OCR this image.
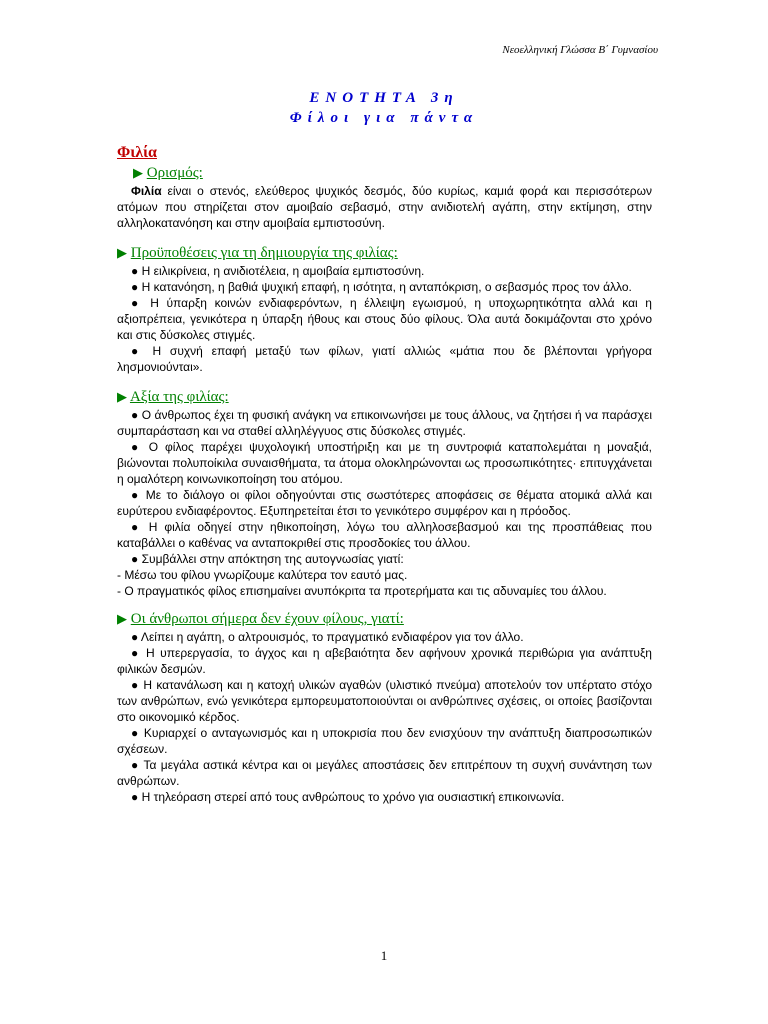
Νεοελληνική Γλώσσα Β΄ Γυμνασίου
ΕΝΟΤΗΤΑ 3η
Φίλοι για πάντα
Φιλία
▶ Ορισμός:

Φιλία είναι ο στενός, ελεύθερος ψυχικός δεσμός, δύο κυρίως, καμιά φορά και περισσότερων ατόμων που στηρίζεται στον αμοιβαίο σεβασμό, στην ανιδιοτελή αγάπη, στην εκτίμηση, στην αλληλοκατανόηση και στην αμοιβαία εμπιστοσύνη.

▶ Προϋποθέσεις για τη δημιουργία της φιλίας:

● Η ειλικρίνεια, η ανιδιοτέλεια, η αμοιβαία εμπιστοσύνη.

● Η κατανόηση, η βαθιά ψυχική επαφή, η ισότητα, η ανταπόκριση, ο σεβασμός προς τον άλλο.

● Η ύπαρξη κοινών ενδιαφερόντων, η έλλειψη εγωισμού, η υποχωρητικότητα αλλά και η αξιοπρέπεια, γενικότερα η ύπαρξη ήθους και στους δύο φίλους. Όλα αυτά δοκιμάζονται στο χρόνο και στις δύσκολες στιγμές.

● Η συχνή επαφή μεταξύ των φίλων, γιατί αλλιώς «μάτια που δε βλέπονται γρήγορα λησμονιούνται».

▶ Αξία της φιλίας:

● Ο άνθρωπος έχει τη φυσική ανάγκη να επικοινωνήσει με τους άλλους, να ζητήσει ή να παράσχει συμπαράσταση και να σταθεί αλληλέγγυος στις δύσκολες στιγμές.

● Ο φίλος παρέχει ψυχολογική υποστήριξη και με τη συντροφιά καταπολεμάται η μοναξιά, βιώνονται πολυποίκιλα συναισθήματα, τα άτομα ολοκληρώνονται ως προσωπικότητες· επιτυγχάνεται η ομαλότερη κοινωνικοποίηση του ατόμου.

● Με το διάλογο οι φίλοι οδηγούνται στις σωστότερες αποφάσεις σε θέματα ατομικά αλλά και ευρύτερου ενδιαφέροντος. Εξυπηρετείται έτσι το γενικότερο συμφέρον και η πρόοδος.

● Η φιλία οδηγεί στην ηθικοποίηση, λόγω του αλληλοσεβασμού και της προσπάθειας που καταβάλλει ο καθένας να ανταποκριθεί στις προσδοκίες του άλλου.

● Συμβάλλει στην απόκτηση της αυτογνωσίας γιατί:

- Μέσω του φίλου γνωρίζουμε καλύτερα τον εαυτό μας.

- Ο πραγματικός φίλος επισημαίνει ανυπόκριτα τα προτερήματα και τις αδυναμίες του άλλου.

▶ Οι άνθρωποι σήμερα δεν έχουν φίλους, γιατί:

● Λείπει η αγάπη, ο αλτρουισμός, το πραγματικό ενδιαφέρον για τον άλλο.

● Η υπερεργασία, το άγχος και η αβεβαιότητα δεν αφήνουν χρονικά περιθώρια για ανάπτυξη φιλικών δεσμών.

● Η κατανάλωση και η κατοχή υλικών αγαθών (υλιστικό πνεύμα) αποτελούν τον υπέρτατο στόχο των ανθρώπων, ενώ γενικότερα εμπορευματοποιούνται οι ανθρώπινες σχέσεις, οι οποίες βασίζονται στο οικονομικό κέρδος.

● Κυριαρχεί ο ανταγωνισμός και η υποκρισία που δεν ενισχύουν την ανάπτυξη διαπροσωπικών σχέσεων.

● Τα μεγάλα αστικά κέντρα και οι μεγάλες αποστάσεις δεν επιτρέπουν τη συχνή συνάντηση των ανθρώπων.

● Η τηλεόραση στερεί από τους ανθρώπους το χρόνο για ουσιαστική επικοινωνία.

1
